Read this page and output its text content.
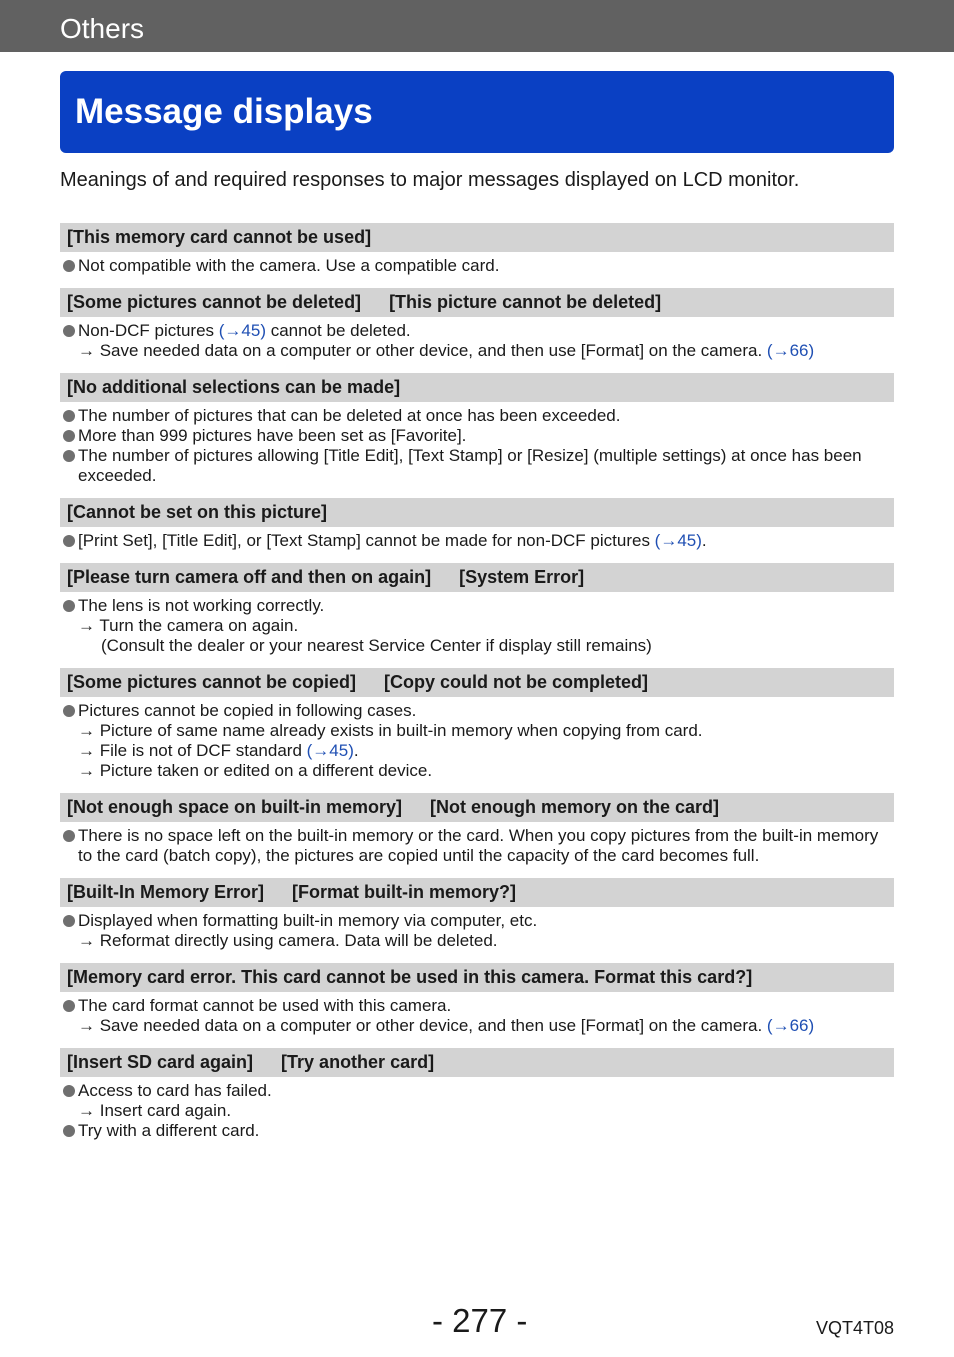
Others
Message displays
Meanings of and required responses to major messages displayed on LCD monitor.
[This memory card cannot be used]
Not compatible with the camera. Use a compatible card.
[Some pictures cannot be deleted] [This picture cannot be deleted]
Non-DCF pictures (→45) cannot be deleted.
→ Save needed data on a computer or other device, and then use [Format] on the camera. (→66)
[No additional selections can be made]
The number of pictures that can be deleted at once has been exceeded.
More than 999 pictures have been set as [Favorite].
The number of pictures allowing [Title Edit], [Text Stamp] or [Resize] (multiple settings) at once has been exceeded.
[Cannot be set on this picture]
[Print Set], [Title Edit], or [Text Stamp] cannot be made for non-DCF pictures (→45).
[Please turn camera off and then on again] [System Error]
The lens is not working correctly.
→ Turn the camera on again.
(Consult the dealer or your nearest Service Center if display still remains)
[Some pictures cannot be copied] [Copy could not be completed]
Pictures cannot be copied in following cases.
→ Picture of same name already exists in built-in memory when copying from card.
→ File is not of DCF standard (→45).
→ Picture taken or edited on a different device.
[Not enough space on built-in memory] [Not enough memory on the card]
There is no space left on the built-in memory or the card. When you copy pictures from the built-in memory to the card (batch copy), the pictures are copied until the capacity of the card becomes full.
[Built-In Memory Error] [Format built-in memory?]
Displayed when formatting built-in memory via computer, etc.
→ Reformat directly using camera. Data will be deleted.
[Memory card error. This card cannot be used in this camera. Format this card?]
The card format cannot be used with this camera.
→ Save needed data on a computer or other device, and then use [Format] on the camera. (→66)
[Insert SD card again] [Try another card]
Access to card has failed.
→ Insert card again.
Try with a different card.
- 277 -	VQT4T08
